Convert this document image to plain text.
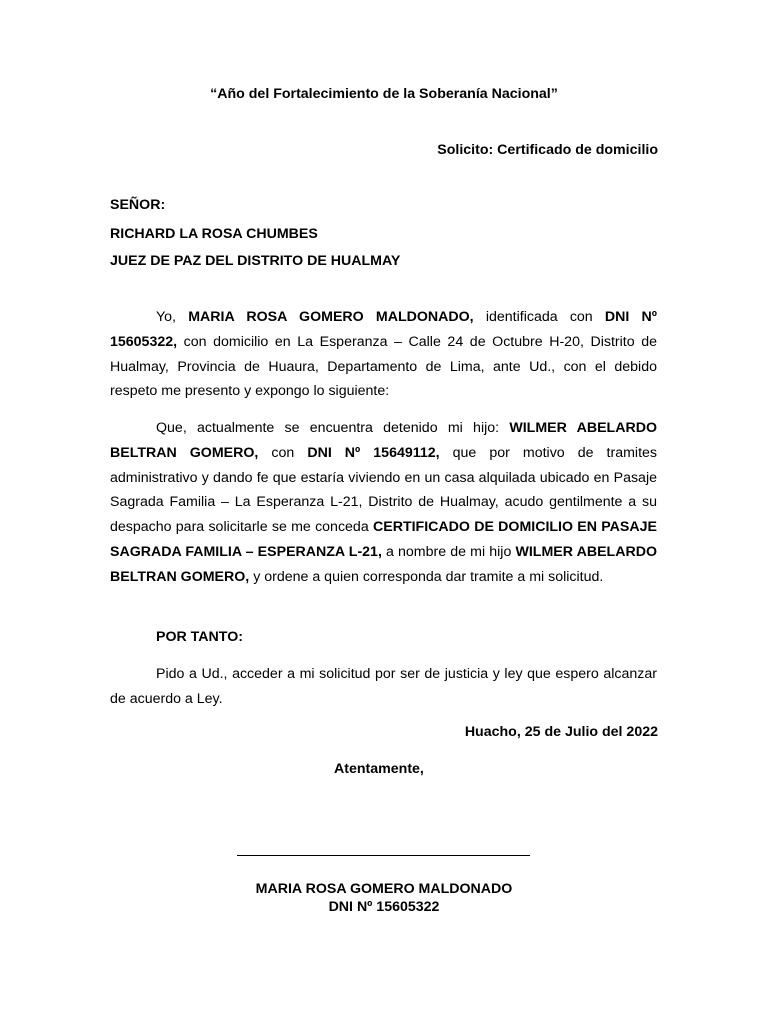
“Año del Fortalecimiento de la Soberanía Nacional”
Solicito: Certificado de domicilio
SEÑOR:
RICHARD LA ROSA CHUMBES
JUEZ DE PAZ DEL DISTRITO DE HUALMAY

Yo, MARIA ROSA GOMERO MALDONADO, identificada con DNI Nº 15605322, con domicilio en La Esperanza – Calle 24 de Octubre H-20, Distrito de Hualmay, Provincia de Huaura, Departamento de Lima, ante Ud., con el debido respeto me presento y expongo lo siguiente:

Que, actualmente se encuentra detenido mi hijo: WILMER ABELARDO BELTRAN GOMERO, con DNI Nº 15649112, que por motivo de tramites administrativo y dando fe que estaría viviendo en un casa alquilada ubicado en Pasaje Sagrada Familia – La Esperanza L-21, Distrito de Hualmay, acudo gentilmente a su despacho para solicitarle se me conceda CERTIFICADO DE DOMICILIO EN PASAJE SAGRADA FAMILIA – ESPERANZA L-21, a nombre de mi hijo WILMER ABELARDO BELTRAN GOMERO, y ordene a quien corresponda dar tramite a mi solicitud.

POR TANTO:

Pido a Ud., acceder a mi solicitud por ser de justicia y ley que espero alcanzar de acuerdo a Ley.

Huacho, 25 de Julio del 2022
Atentamente,
MARIA ROSA GOMERO MALDONADO
DNI Nº 15605322
